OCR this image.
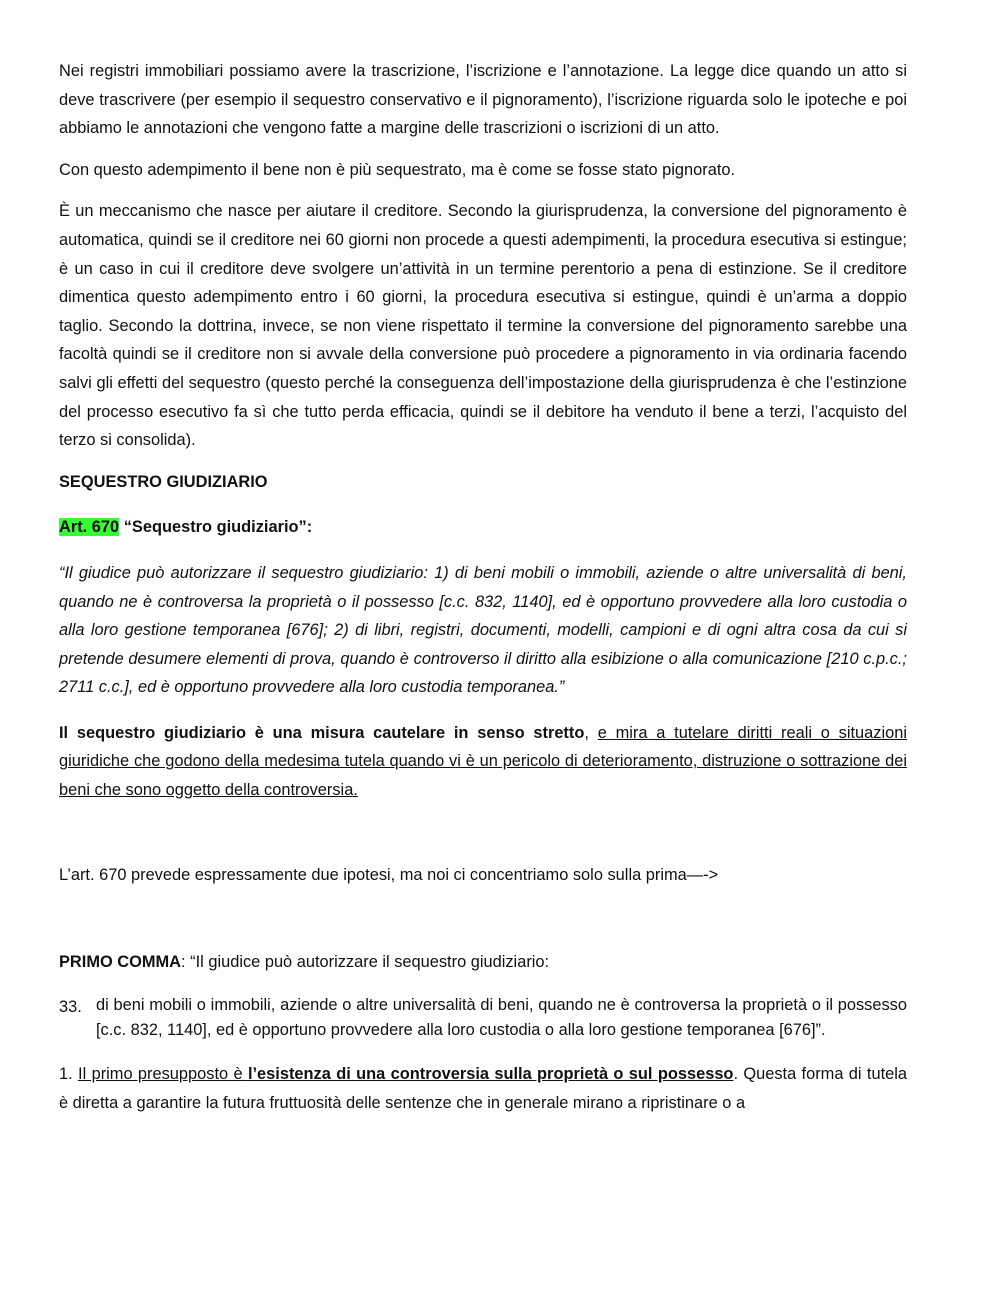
Nei registri immobiliari possiamo avere la trascrizione, l’iscrizione e l’annotazione. La legge dice quando un atto si deve trascrivere (per esempio il sequestro conservativo e il pignoramento), l’iscrizione riguarda solo le ipoteche e poi abbiamo le annotazioni che vengono fatte a margine delle trascrizioni o iscrizioni di un atto.

Con questo adempimento il bene non è più sequestrato, ma è come se fosse stato pignorato.

È un meccanismo che nasce per aiutare il creditore. Secondo la giurisprudenza, la conversione del pignoramento è automatica, quindi se il creditore nei 60 giorni non procede a questi adempimenti, la procedura esecutiva si estingue; è un caso in cui il creditore deve svolgere un’attività in un termine perentorio a pena di estinzione. Se il creditore dimentica questo adempimento entro i 60 giorni, la procedura esecutiva si estingue, quindi è un’arma a doppio taglio. Secondo la dottrina, invece, se non viene rispettato il termine la conversione del pignoramento sarebbe una facoltà quindi se il creditore non si avvale della conversione può procedere a pignoramento in via ordinaria facendo salvi gli effetti del sequestro (questo perché la conseguenza dell’impostazione della giurisprudenza è che l’estinzione del processo esecutivo fa sì che tutto perda efficacia, quindi se il debitore ha venduto il bene a terzi, l’acquisto del terzo si consolida).

SEQUESTRO GIUDIZIARIO

Art. 670 “Sequestro giudiziario”:

“Il giudice può autorizzare il sequestro giudiziario: 1) di beni mobili o immobili, aziende o altre universalità di beni, quando ne è controversa la proprietà o il possesso [c.c. 832, 1140], ed è opportuno provvedere alla loro custodia o alla loro gestione temporanea [676]; 2) di libri, registri, documenti, modelli, campioni e di ogni altra cosa da cui si pretende desumere elementi di prova, quando è controverso il diritto alla esibizione o alla comunicazione [210 c.p.c.; 2711 c.c.], ed è opportuno provvedere alla loro custodia temporanea.”

Il sequestro giudiziario è una misura cautelare in senso stretto, e mira a tutelare diritti reali o situazioni giuridiche che godono della medesima tutela quando vi è un pericolo di deterioramento, distruzione o sottrazione dei beni che sono oggetto della controversia.

L’art. 670 prevede espressamente due ipotesi, ma noi ci concentriamo solo sulla prima—->

PRIMO COMMA: “Il giudice può autorizzare il sequestro giudiziario:

33. di beni mobili o immobili, aziende o altre universalità di beni, quando ne è controversa la proprietà o il possesso [c.c. 832, 1140], ed è opportuno provvedere alla loro custodia o alla loro gestione temporanea [676]”.

1. Il primo presupposto è l’esistenza di una controversia sulla proprietà o sul possesso. Questa forma di tutela è diretta a garantire la futura fruttuosità delle sentenze che in generale mirano a ripristinare o a
